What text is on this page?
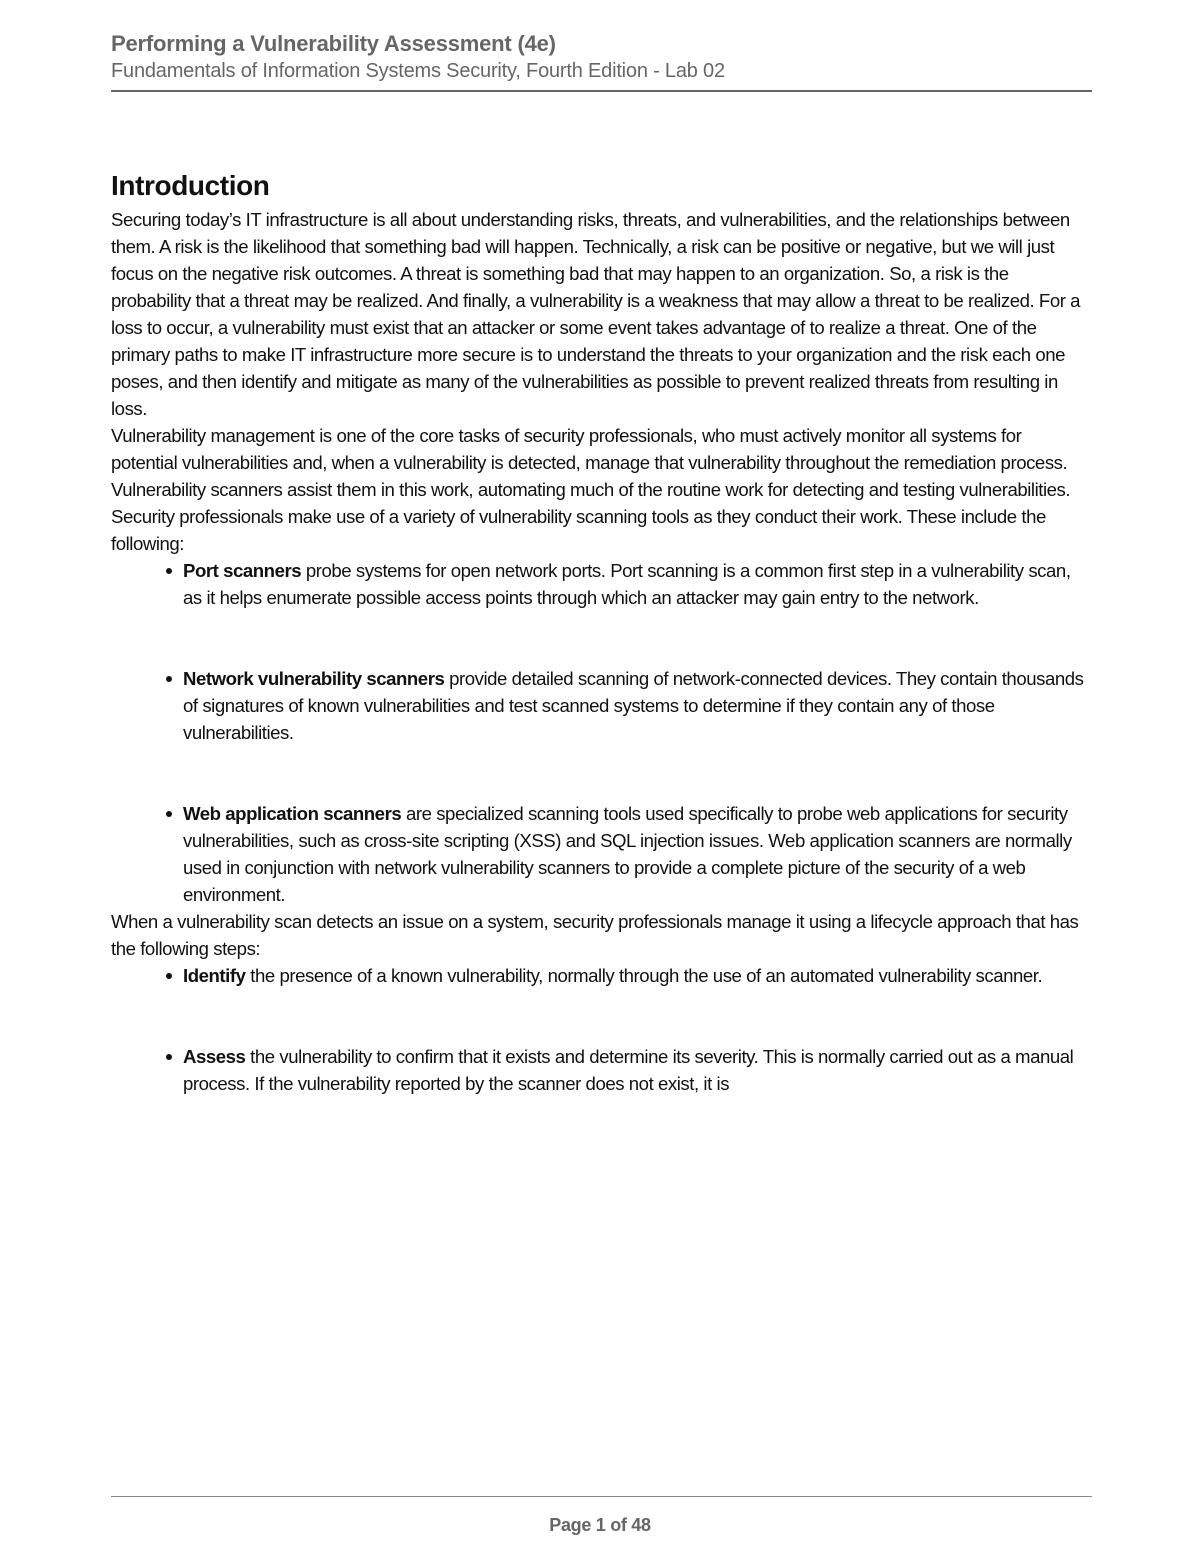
Performing a Vulnerability Assessment (4e)
Fundamentals of Information Systems Security, Fourth Edition - Lab 02
Introduction

Securing today’s IT infrastructure is all about understanding risks, threats, and vulnerabilities, and the relationships between them. A risk is the likelihood that something bad will happen. Technically, a risk can be positive or negative, but we will just focus on the negative risk outcomes. A threat is something bad that may happen to an organization. So, a risk is the probability that a threat may be realized. And finally, a vulnerability is a weakness that may allow a threat to be realized. For a loss to occur, a vulnerability must exist that an attacker or some event takes advantage of to realize a threat. One of the primary paths to make IT infrastructure more secure is to understand the threats to your organization and the risk each one poses, and then identify and mitigate as many of the vulnerabilities as possible to prevent realized threats from resulting in loss.

Vulnerability management is one of the core tasks of security professionals, who must actively monitor all systems for potential vulnerabilities and, when a vulnerability is detected, manage that vulnerability throughout the remediation process. Vulnerability scanners assist them in this work, automating much of the routine work for detecting and testing vulnerabilities. Security professionals make use of a variety of vulnerability scanning tools as they conduct their work. These include the following:

Port scanners probe systems for open network ports. Port scanning is a common first step in a vulnerability scan, as it helps enumerate possible access points through which an attacker may gain entry to the network.
Network vulnerability scanners provide detailed scanning of network-connected devices. They contain thousands of signatures of known vulnerabilities and test scanned systems to determine if they contain any of those vulnerabilities.
Web application scanners are specialized scanning tools used specifically to probe web applications for security vulnerabilities, such as cross-site scripting (XSS) and SQL injection issues. Web application scanners are normally used in conjunction with network vulnerability scanners to provide a complete picture of the security of a web environment.

When a vulnerability scan detects an issue on a system, security professionals manage it using a lifecycle approach that has the following steps:

Identify the presence of a known vulnerability, normally through the use of an automated vulnerability scanner.
Assess the vulnerability to confirm that it exists and determine its severity. This is normally carried out as a manual process. If the vulnerability reported by the scanner does not exist, it is
Page 1 of 48
